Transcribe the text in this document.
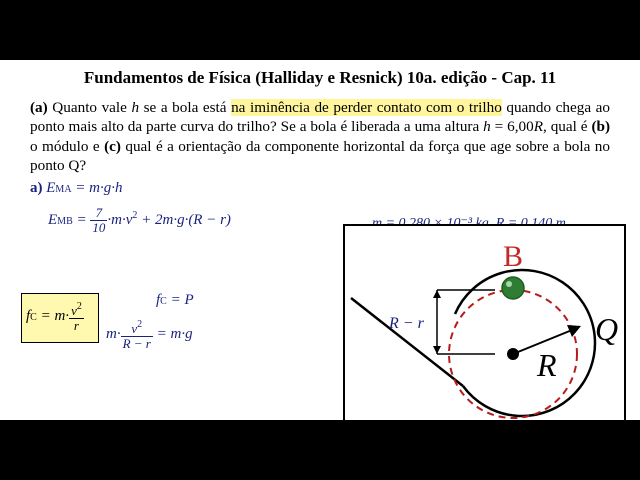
Fundamentos de Física (Halliday e Resnick) 10a. edição - Cap. 11
(a) Quanto vale h se a bola está na iminência de perder contato com o trilho quando chega ao ponto mais alto da parte curva do trilho? Se a bola é liberada a uma altura h = 6,00R, qual é (b) o módulo e (c) qual é a orientação da componente horizontal da força que age sobre a bola no ponto Q?
a) EMA = m·g·h
EMB = $\frac{7}{10} \cdot m\cdot v^2 + 2m\cdot g\cdot(R - r)$
fC = $m\cdot \frac{v^2}{r}$	fC = P
$m\cdot \frac{v^2}{R - r} = m\cdot g$
B
Q
R
R − r
